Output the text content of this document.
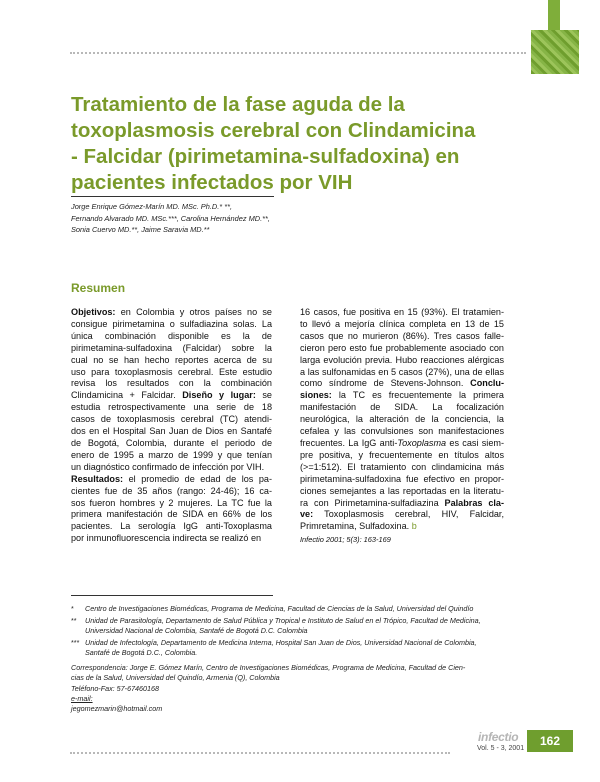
Tratamiento de la fase aguda de la
toxoplasmosis cerebral con Clindamicina
- Falcidar (pirimetamina-sulfadoxina) en
pacientes infectados por VIH
Jorge Enrique Gómez-Marín MD. MSc. Ph.D.* **,
Fernando Alvarado MD. MSc.***, Carolina Hernández MD.**,
Sonia Cuervo MD.**, Jaime Saravia MD.**
Resumen
Objetivos: en Colombia y otros países no se
consigue pirimetamina o sulfadiazina solas. La
única combinación disponible es la de
pirimetamina-sulfadoxina (Falcidar) sobre la
cual no se han hecho reportes acerca de su
uso para toxoplasmosis cerebral. Este estudio
revisa los resultados con la combinación
Clindamicina + Falcidar. Diseño y lugar: se
estudia retrospectivamente una serie de 18
casos de toxoplasmosis cerebral (TC) atendi-
dos en el Hospital San Juan de Dios en Santafé
de Bogotá, Colombia, durante el periodo de
enero de 1995 a marzo de 1999 y que tenían
un diagnóstico confirmado de infección por VIH.
Resultados: el promedio de edad de los pa-
cientes fue de 35 años (rango: 24-46); 16 ca-
sos fueron hombres y 2 mujeres. La TC fue la
primera manifestación de SIDA en 66% de los
pacientes. La serología IgG anti-Toxoplasma
por inmunofluorescencia indirecta se realizó en
16 casos, fue positiva en 15 (93%). El tratamien-
to llevó a mejoría clínica completa en 13 de 15
casos que no murieron (86%). Tres casos falle-
cieron pero esto fue probablemente asociado con
larga evolución previa. Hubo reacciones alérgicas
a las sulfonamidas en 5 casos (27%), una de ellas
como síndrome de Stevens-Johnson. Conclu-
siones: la TC es frecuentemente la primera
manifestación de SIDA. La focalización
neurológica, la alteración de la conciencia, la
cefalea y las convulsiones son manifestaciones
frecuentes. La IgG anti-Toxoplasma es casi siem-
pre positiva, y frecuentemente en títulos altos
(>=1:512). El tratamiento con clindamicina más
pirimetamina-sulfadoxina fue efectivo en propor-
ciones semejantes a las reportadas en la literatu-
ra con Pirimetamina-sulfadiazina Palabras cla-
ve: Toxoplasmosis cerebral, HIV, Falcidar,
Primretamina, Sulfadoxina. b
Infectio 2001; 5(3): 163-169
*	Centro de Investigaciones Biomédicas, Programa de Medicina, Facultad de Ciencias de la Salud, Universidad del Quindío
**	Unidad de Parasitología, Departamento de Salud Pública y Tropical e Instituto de Salud en el Trópico, Facultad de Medicina,
Universidad Nacional de Colombia, Santafé de Bogotá D.C. Colombia
*** Unidad de Infectología, Departamento de Medicina Interna, Hospital San Juan de Dios, Universidad Nacional de Colombia,
Santafé de Bogotá D.C., Colombia.
Correspondencia: Jorge E. Gómez Marín, Centro de Investigaciones Biomédicas, Programa de Medicina, Facultad de Cien-
cias de la Salud, Universidad del Quindío, Armenia (Q), Colombia
Teléfono-Fax: 57-67460168
e-mail:
jegomezmarin@hotmail.com
infectio
Vol. 5 - 3, 2001
162
